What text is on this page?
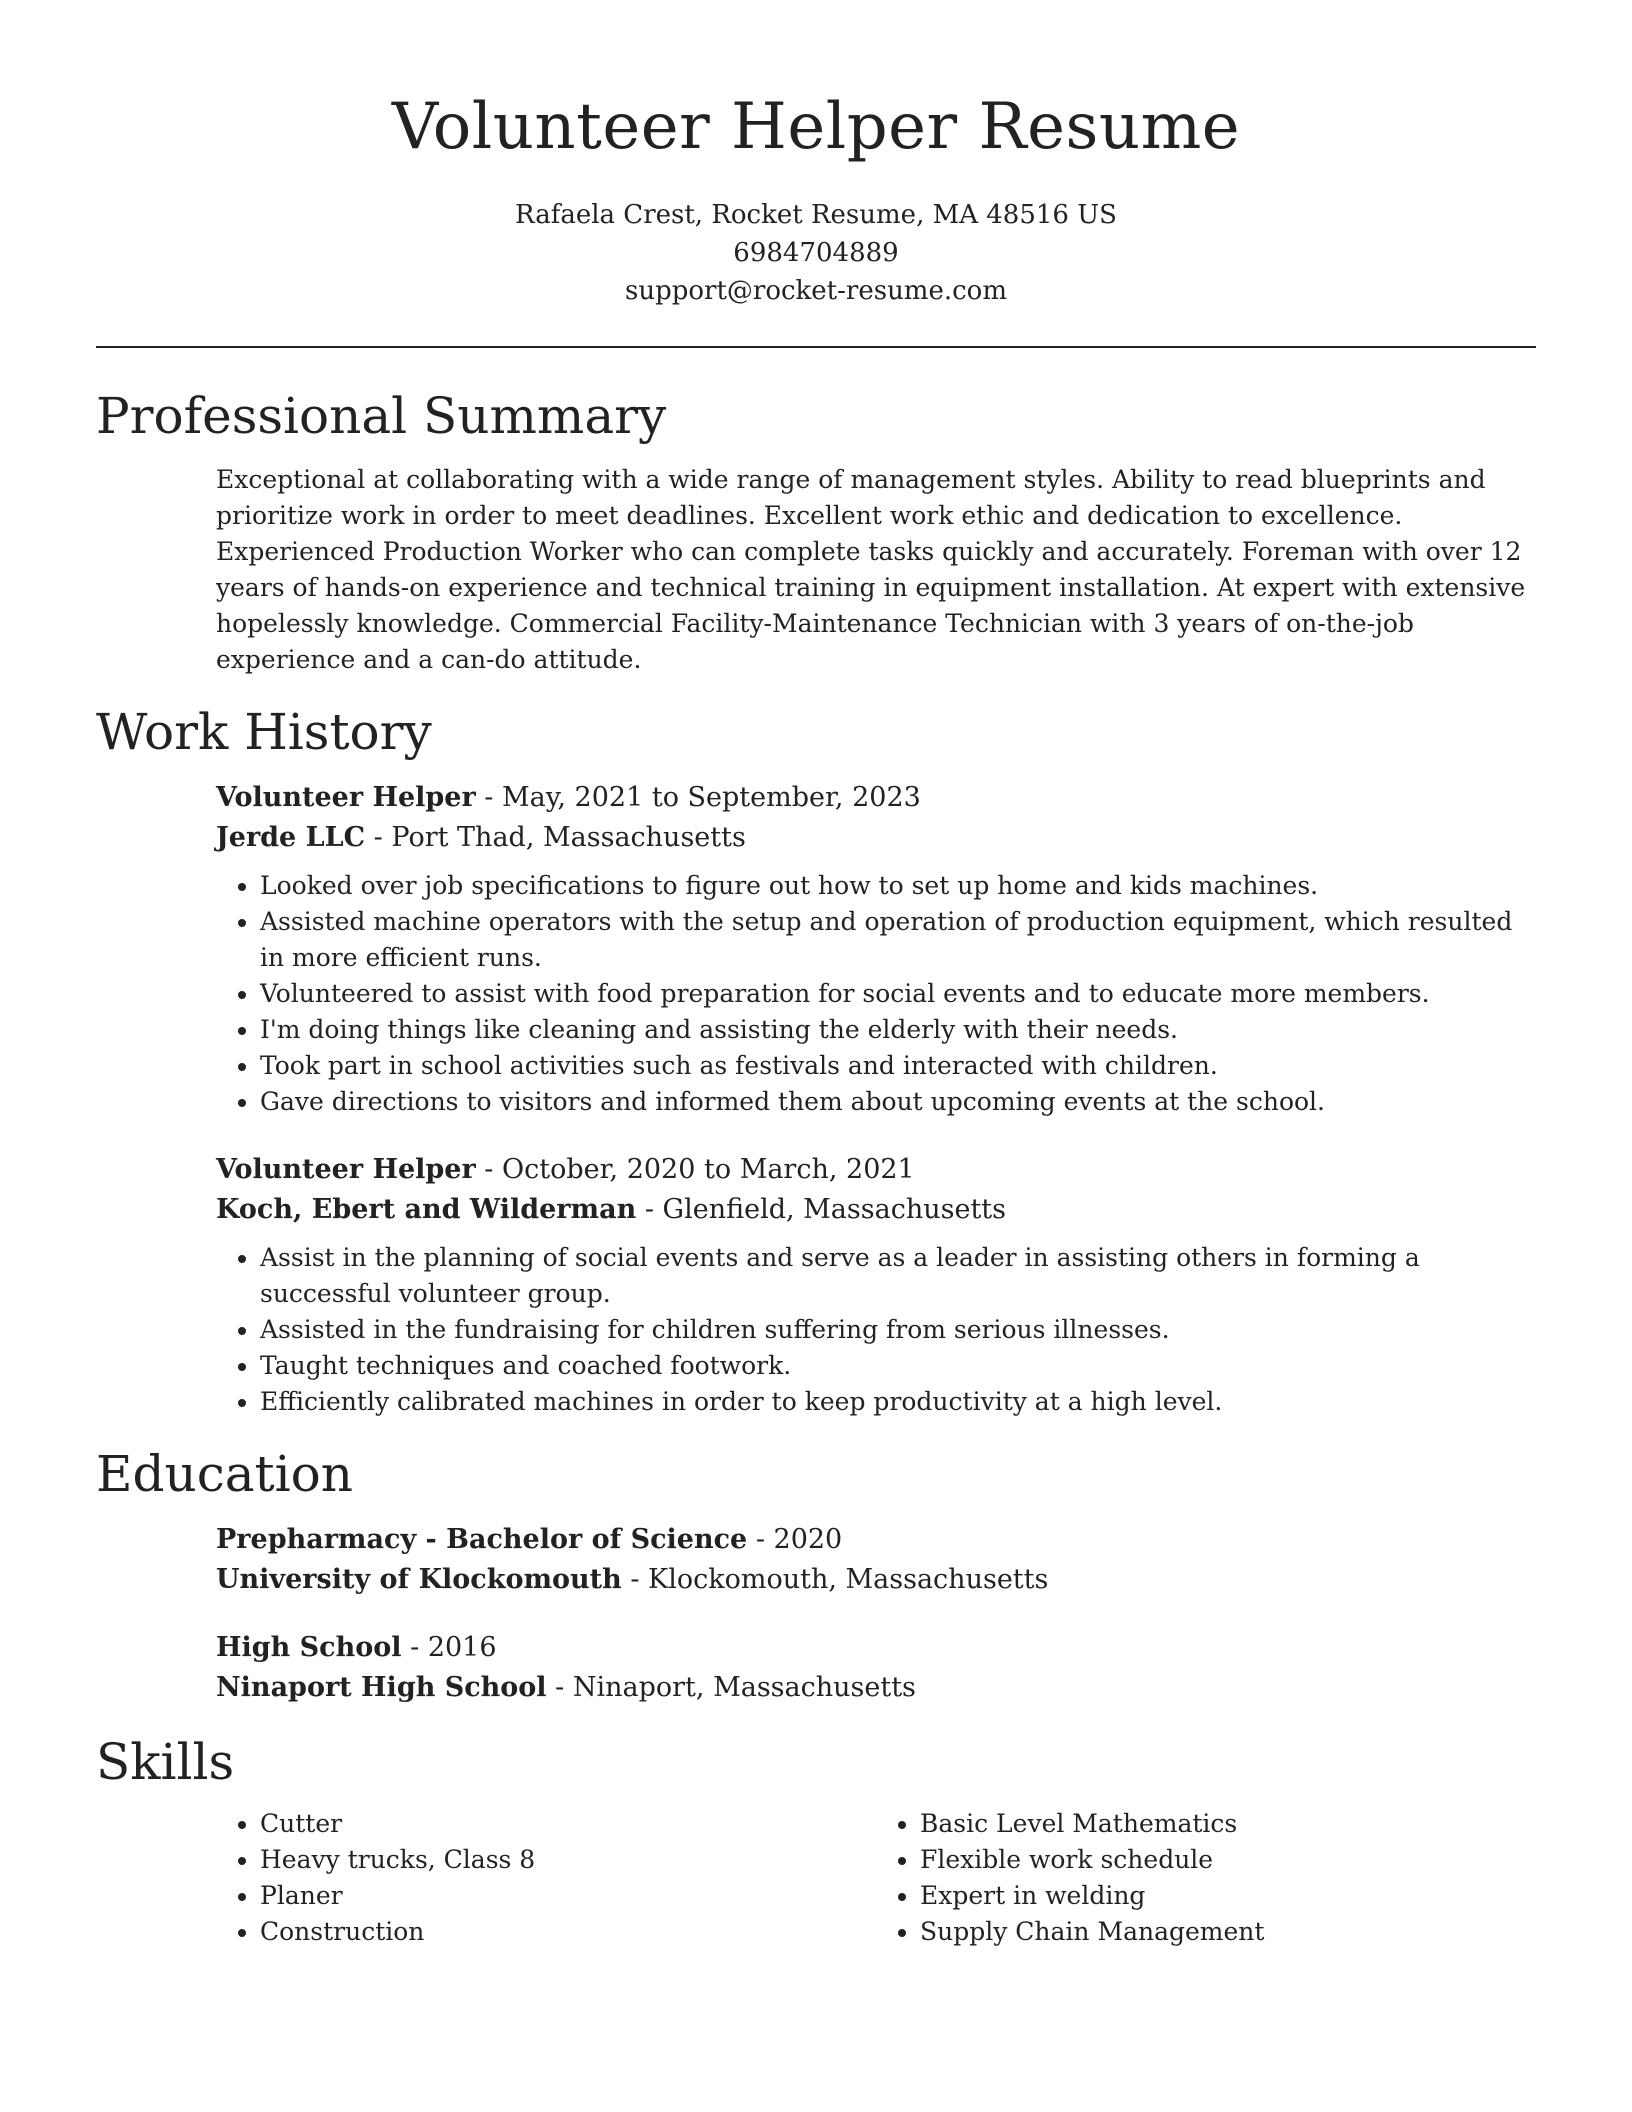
Volunteer Helper Resume
Rafaela Crest, Rocket Resume, MA 48516 US
6984704889
support@rocket-resume.com
Professional Summary

Exceptional at collaborating with a wide range of management styles. Ability to read blueprints and prioritize work in order to meet deadlines. Excellent work ethic and dedication to excellence. Experienced Production Worker who can complete tasks quickly and accurately. Foreman with over 12 years of hands-on experience and technical training in equipment installation. At expert with extensive hopelessly knowledge. Commercial Facility-Maintenance Technician with 3 years of on-the-job experience and a can-do attitude.

Work History
Volunteer Helper - May, 2021 to September, 2023
Jerde LLC - Port Thad, Massachusetts
• Looked over job specifications to figure out how to set up home and kids machines.
• Assisted machine operators with the setup and operation of production equipment, which resulted in more efficient runs.
• Volunteered to assist with food preparation for social events and to educate more members.
• I'm doing things like cleaning and assisting the elderly with their needs.
• Took part in school activities such as festivals and interacted with children.
• Gave directions to visitors and informed them about upcoming events at the school.
Volunteer Helper - October, 2020 to March, 2021
Koch, Ebert and Wilderman - Glenfield, Massachusetts
• Assist in the planning of social events and serve as a leader in assisting others in forming a successful volunteer group.
• Assisted in the fundraising for children suffering from serious illnesses.
• Taught techniques and coached footwork.
• Efficiently calibrated machines in order to keep productivity at a high level.
Education
Prepharmacy - Bachelor of Science - 2020
University of Klockomouth - Klockomouth, Massachusetts
High School - 2016
Ninaport High School - Ninaport, Massachusetts
Skills
• Cutter
• Heavy trucks, Class 8
• Planer
• Construction
• Basic Level Mathematics
• Flexible work schedule
• Expert in welding
• Supply Chain Management
